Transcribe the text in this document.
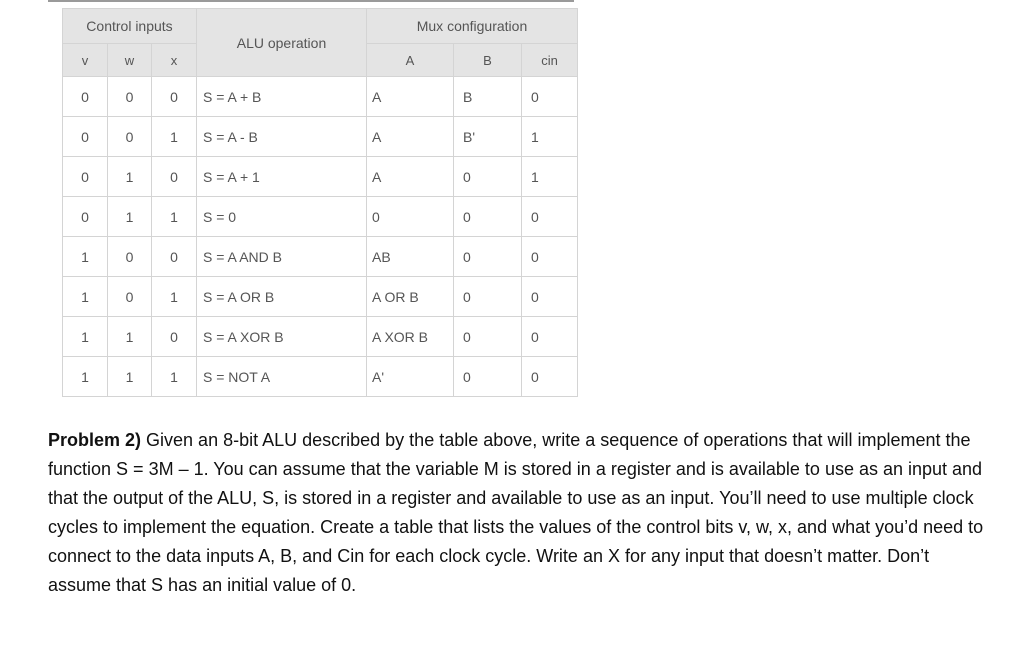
Control inputs			ALU operation	Mux configuration		
v	w	x		A	B	cin
0	0	0	S = A + B	A	B	0
0	0	1	S = A - B	A	B'	1
0	1	0	S = A + 1	A	0	1
0	1	1	S = 0	0	0	0
1	0	0	S = A AND B	AB	0	0
1	0	1	S = A OR B	A OR B	0	0
1	1	0	S = A XOR B	A XOR B	0	0
1	1	1	S = NOT A	A'	0	0

Problem 2) Given an 8-bit ALU described by the table above, write a sequence of operations that will implement the function S = 3M – 1. You can assume that the variable M is stored in a register and is available to use as an input and that the output of the ALU, S, is stored in a register and available to use as an input. You’ll need to use multiple clock cycles to implement the equation. Create a table that lists the values of the control bits v, w, x, and what you’d need to connect to the data inputs A, B, and Cin for each clock cycle. Write an X for any input that doesn’t matter. Don’t assume that S has an initial value of 0.
